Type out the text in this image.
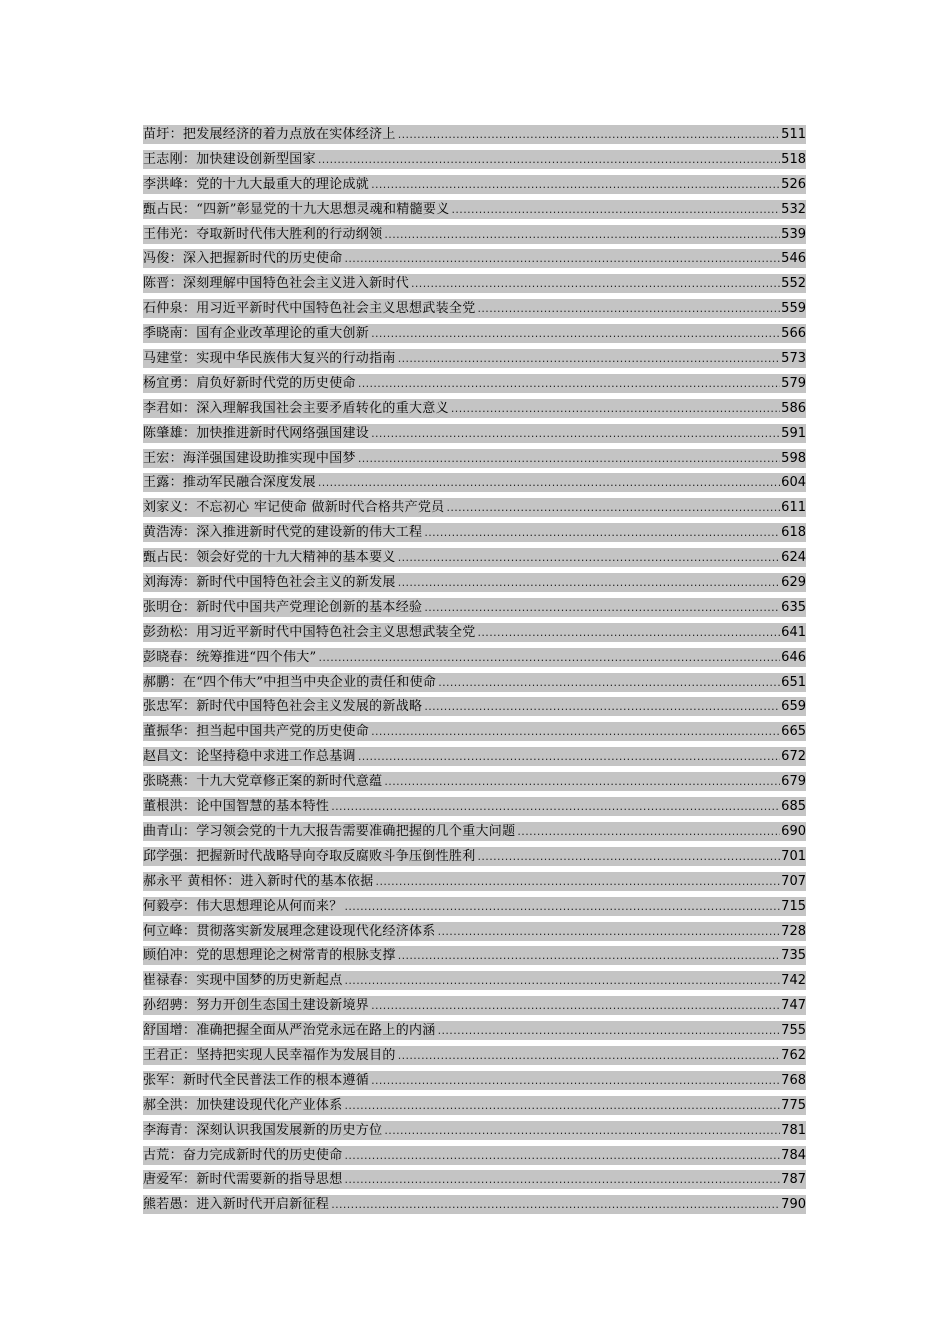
苗圩：把发展经济的着力点放在实体经济上 .....	511
王志刚：加快建设创新型国家 .....	518
李洪峰：党的十九大最重大的理论成就 .....	526
甄占民：“四新”彰显党的十九大思想灵魂和精髓要义 .....	532
王伟光：夺取新时代伟大胜利的行动纲领 .....	539
冯俊：深入把握新时代的历史使命 .....	546
陈晋：深刻理解中国特色社会主义进入新时代 .....	552
石仲泉：用习近平新时代中国特色社会主义思想武装全党 .....	559
季晓南：国有企业改革理论的重大创新 .....	566
马建堂：实现中华民族伟大复兴的行动指南 .....	573
杨宜勇：肩负好新时代党的历史使命 .....	579
李君如：深入理解我国社会主要矛盾转化的重大意义 .....	586
陈肇雄：加快推进新时代网络强国建设 .....	591
王宏：海洋强国建设助推实现中国梦 .....	598
王露：推动军民融合深度发展 .....	604
刘家义：不忘初心 牢记使命 做新时代合格共产党员 .....	611
黄浩涛：深入推进新时代党的建设新的伟大工程 .....	618
甄占民：领会好党的十九大精神的基本要义 .....	624
刘海涛：新时代中国特色社会主义的新发展 .....	629
张明仓：新时代中国共产党理论创新的基本经验 .....	635
彭劲松：用习近平新时代中国特色社会主义思想武装全党 .....	641
彭晓春：统筹推进“四个伟大” .....	646
郝鹏：在“四个伟大”中担当中央企业的责任和使命 .....	651
张忠军：新时代中国特色社会主义发展的新战略 .....	659
董振华：担当起中国共产党的历史使命 .....	665
赵昌文：论坚持稳中求进工作总基调 .....	672
张晓燕：十九大党章修正案的新时代意蕴 .....	679
董根洪：论中国智慧的基本特性 .....	685
曲青山：学习领会党的十九大报告需要准确把握的几个重大问题 .....	690
邱学强：把握新时代战略导向夺取反腐败斗争压倒性胜利 .....	701
郝永平 黄相怀：进入新时代的基本依据 .....	707
何毅亭：伟大思想理论从何而来？ .....	715
何立峰：贯彻落实新发展理念建设现代化经济体系 .....	728
顾伯冲：党的思想理论之树常青的根脉支撑 .....	735
崔禄春：实现中国梦的历史新起点 .....	742
孙绍骋：努力开创生态国土建设新境界 .....	747
舒国增：准确把握全面从严治党永远在路上的内涵 .....	755
王君正：坚持把实现人民幸福作为发展目的 .....	762
张军：新时代全民普法工作的根本遵循 .....	768
郝全洪：加快建设现代化产业体系 .....	775
李海青：深刻认识我国发展新的历史方位 .....	781
古荒：奋力完成新时代的历史使命 .....	784
唐爱军：新时代需要新的指导思想 .....	787
熊若愚：进入新时代开启新征程 .....	790
